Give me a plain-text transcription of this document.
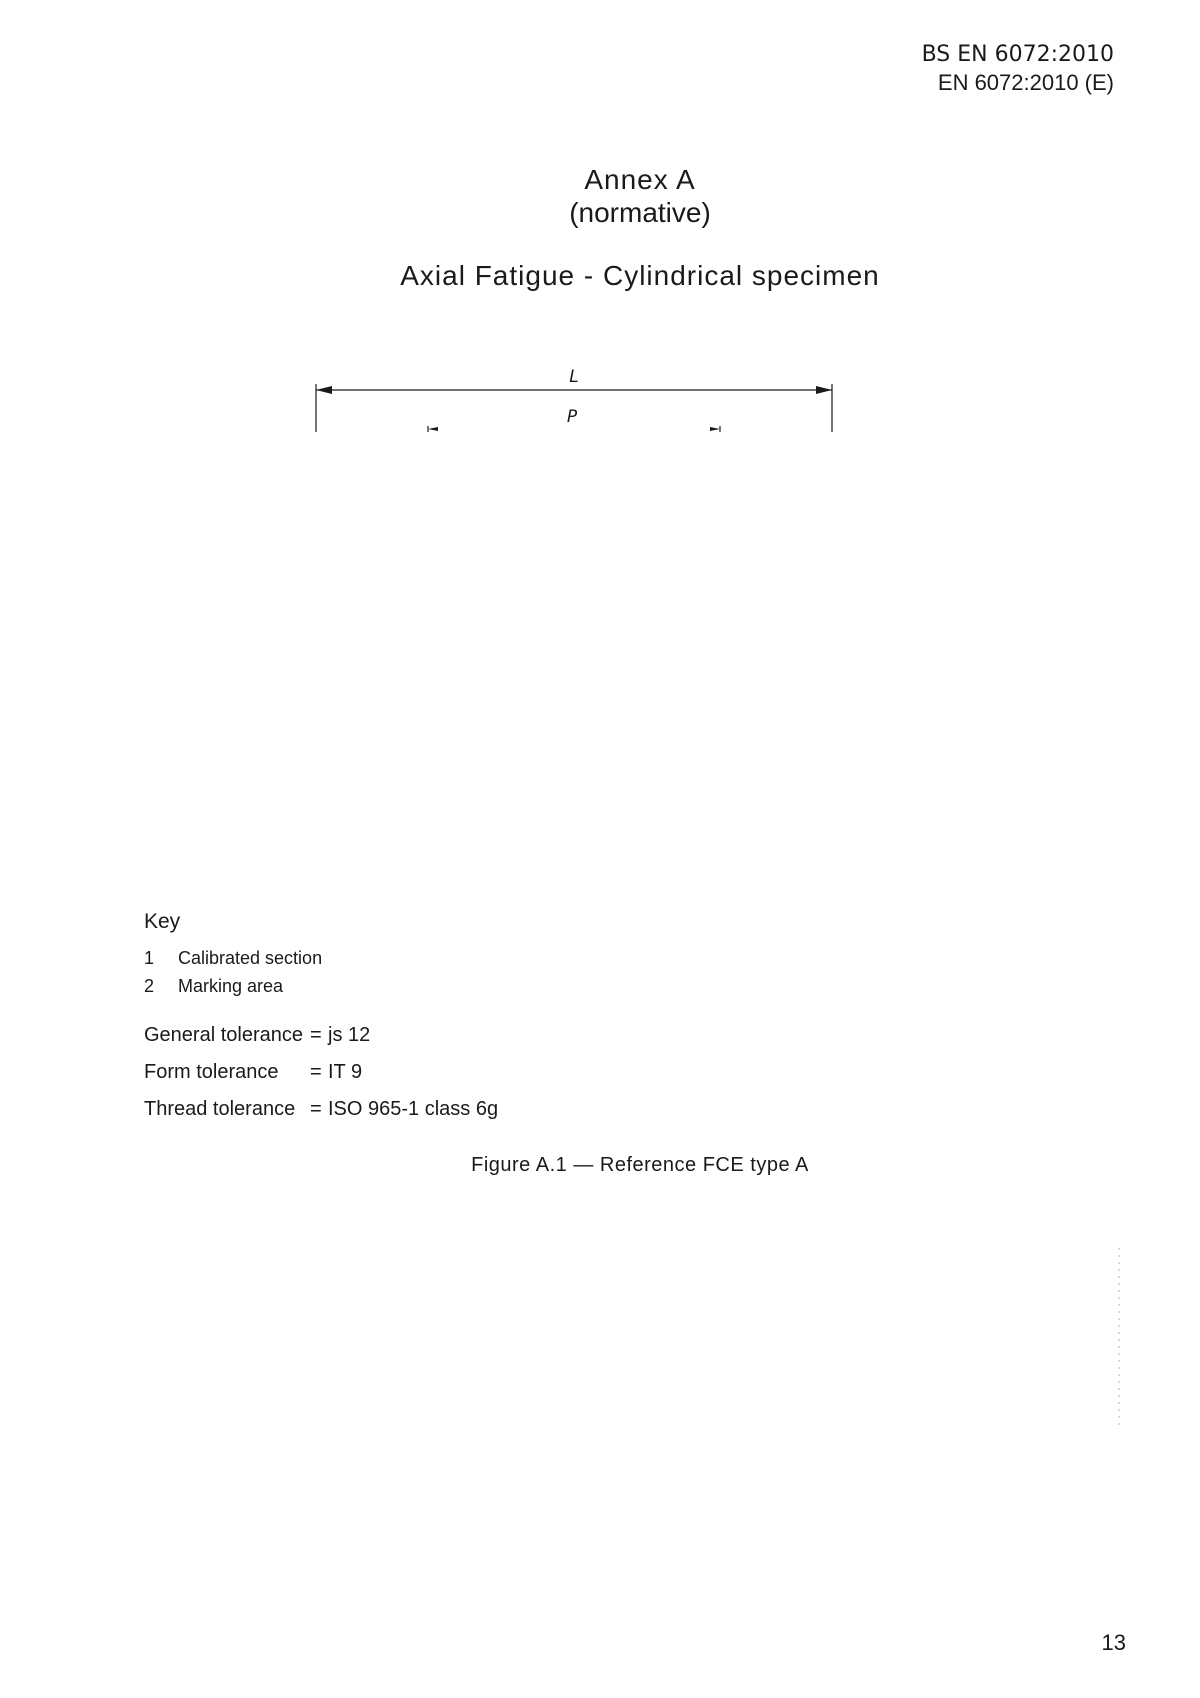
BS EN 6072:2010
EN 6072:2010 (E)
Annex A
(normative)
Axial Fatigue - Cylindrical specimen
L
P
Key
1 Calibrated section
2 Marking area
General tolerance = js 12
Form tolerance = IT 9
Thread tolerance = ISO 965-1 class 6g
Figure A.1 — Reference FCE type A
13
